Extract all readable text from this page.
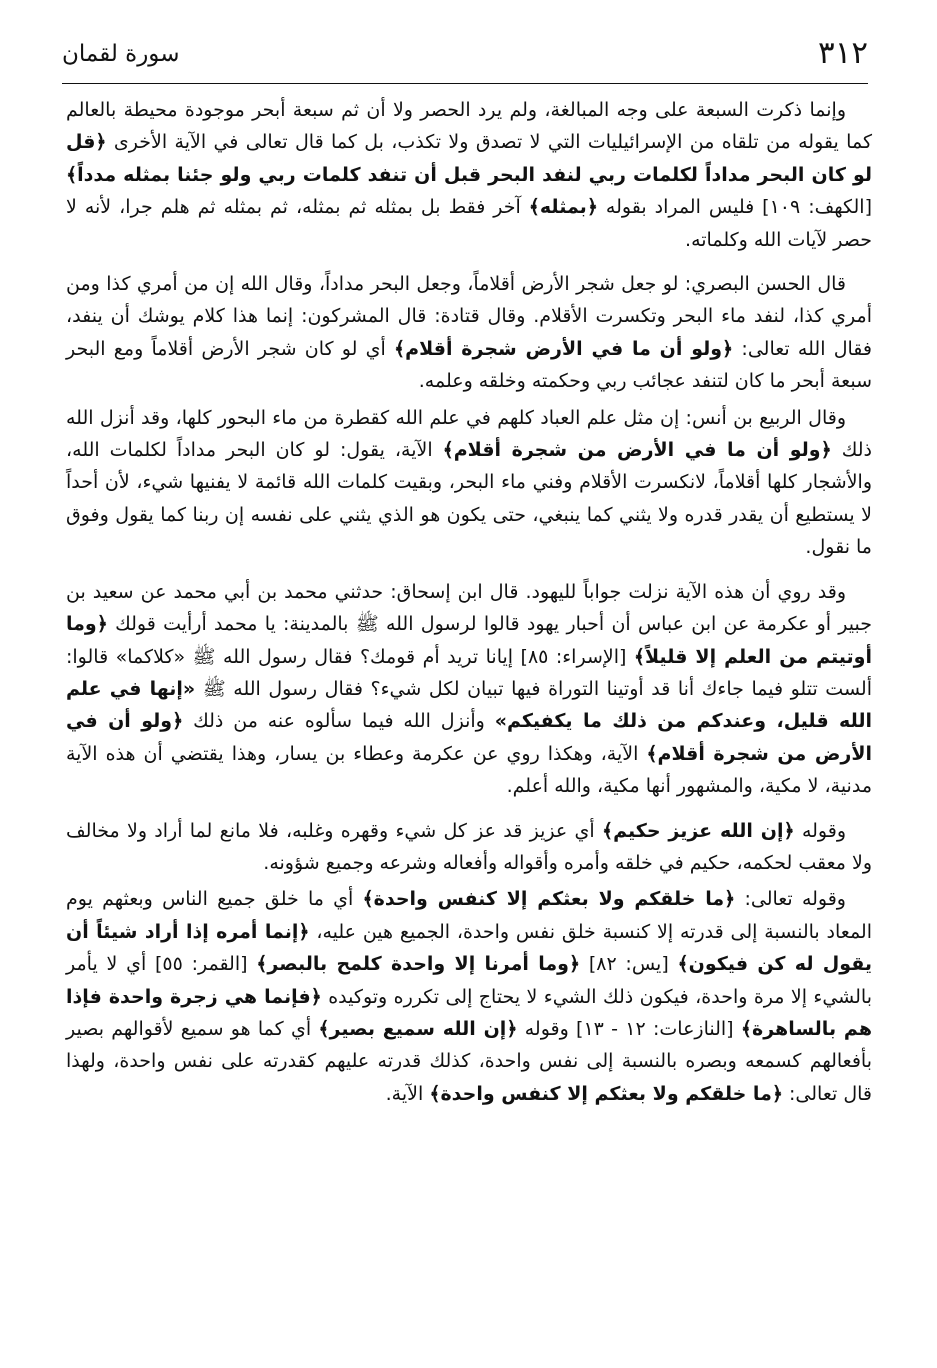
٣١٢
سورة لقمان

وإنما ذكرت السبعة على وجه المبالغة، ولم يرد الحصر ولا أن ثم سبعة أبحر موجودة محيطة بالعالم كما يقوله من تلقاه من الإسرائيليات التي لا تصدق ولا تكذب، بل كما قال تعالى في الآية الأخرى ﴿قل لو كان البحر مداداً لكلمات ربي لنفد البحر قبل أن تنفد كلمات ربي ولو جئنا بمثله مدداً﴾ [الكهف: ١٠٩] فليس المراد بقوله ﴿بمثله﴾ آخر فقط بل بمثله ثم بمثله، ثم بمثله ثم هلم جرا، لأنه لا حصر لآيات الله وكلماته.

قال الحسن البصري: لو جعل شجر الأرض أقلاماً، وجعل البحر مداداً، وقال الله إن من أمري كذا ومن أمري كذا، لنفد ماء البحر وتكسرت الأقلام. وقال قتادة: قال المشركون: إنما هذا كلام يوشك أن ينفد، فقال الله تعالى: ﴿ولو أن ما في الأرض شجرة أقلام﴾ أي لو كان شجر الأرض أقلاماً ومع البحر سبعة أبحر ما كان لتنفد عجائب ربي وحكمته وخلقه وعلمه.

وقال الربيع بن أنس: إن مثل علم العباد كلهم في علم الله كقطرة من ماء البحور كلها، وقد أنزل الله ذلك ﴿ولو أن ما في الأرض من شجرة أقلام﴾ الآية، يقول: لو كان البحر مداداً لكلمات الله، والأشجار كلها أقلاماً، لانكسرت الأقلام وفني ماء البحر، وبقيت كلمات الله قائمة لا يفنيها شيء، لأن أحداً لا يستطيع أن يقدر قدره ولا يثني كما ينبغي، حتى يكون هو الذي يثني على نفسه إن ربنا كما يقول وفوق ما نقول.

وقد روي أن هذه الآية نزلت جواباً لليهود. قال ابن إسحاق: حدثني محمد بن أبي محمد عن سعيد بن جبير أو عكرمة عن ابن عباس أن أحبار يهود قالوا لرسول الله ﷺ بالمدينة: يا محمد أرأيت قولك ﴿وما أوتيتم من العلم إلا قليلاً﴾ [الإسراء: ٨٥] إيانا تريد أم قومك؟ فقال رسول الله ﷺ «كلاكما» قالوا: ألست تتلو فيما جاءك أنا قد أوتينا التوراة فيها تبيان لكل شيء؟ فقال رسول الله ﷺ «إنها في علم الله قليل، وعندكم من ذلك ما يكفيكم» وأنزل الله فيما سألوه عنه من ذلك ﴿ولو أن في الأرض من شجرة أقلام﴾ الآية، وهكذا روي عن عكرمة وعطاء بن يسار، وهذا يقتضي أن هذه الآية مدنية، لا مكية، والمشهور أنها مكية، والله أعلم.

وقوله ﴿إن الله عزيز حكيم﴾ أي عزيز قد عز كل شيء وقهره وغلبه، فلا مانع لما أراد ولا مخالف ولا معقب لحكمه، حكيم في خلقه وأمره وأقواله وأفعاله وشرعه وجميع شؤونه.

وقوله تعالى: ﴿ما خلقكم ولا بعثكم إلا كنفس واحدة﴾ أي ما خلق جميع الناس وبعثهم يوم المعاد بالنسبة إلى قدرته إلا كنسبة خلق نفس واحدة، الجميع هين عليه، ﴿إنما أمره إذا أراد شيئاً أن يقول له كن فيكون﴾ [يس: ٨٢] ﴿وما أمرنا إلا واحدة كلمح بالبصر﴾ [القمر: ٥٥] أي لا يأمر بالشيء إلا مرة واحدة، فيكون ذلك الشيء لا يحتاج إلى تكرره وتوكيده ﴿فإنما هي زجرة واحدة فإذا هم بالساهرة﴾ [النازعات: ١٢ - ١٣] وقوله ﴿إن الله سميع بصير﴾ أي كما هو سميع لأقوالهم بصير بأفعالهم كسمعه وبصره بالنسبة إلى نفس واحدة، كذلك قدرته عليهم كقدرته على نفس واحدة، ولهذا قال تعالى: ﴿ما خلقكم ولا بعثكم إلا كنفس واحدة﴾ الآية.
